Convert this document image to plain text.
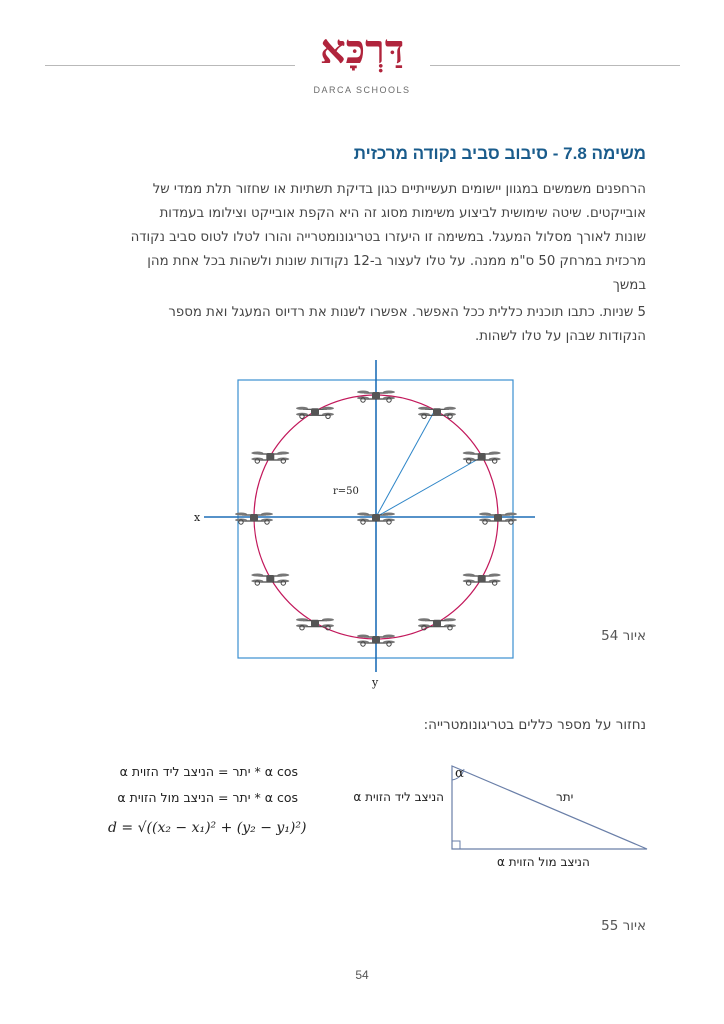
דַּרְכָּא
DARCA SCHOOLS
משימה 7.8 - סיבוב סביב נקודה מרכזית
הרחפנים משמשים במגוון יישומים תעשייתיים כגון בדיקת תשתיות או שחזור תלת ממדי של
אובייקטים. שיטה שימושית לביצוע משימות מסוג זה היא הקפת אובייקט וצילומו בעמדות
שונות לאורך מסלול המעגל. במשימה זו היעזרו בטריגונומטרייה והורו לטלו לטוס סביב נקודה
מרכזית במרחק 50 ס"מ ממנה. על טלו לעצור ב-12 נקודות שונות ולשהות בכל אחת מהן
במשך
5 שניות. כתבו תוכנית כללית ככל האפשר. אפשרו לשנות את רדיוס המעגל ואת מספר
הנקודות שבהן על טלו לשהות.
r=50
x
y
איור 54
נחזור על מספר כללים בטריגונומטרייה:
α cos * יתר = הניצב ליד הזוית α
α cos * יתר = הניצב מול הזוית α
d = √((x₂ − x₁)² + (y₂ − y₁)²)
α
יתר
הניצב ליד הזוית α
הניצב מול הזוית α
איור 55
54
